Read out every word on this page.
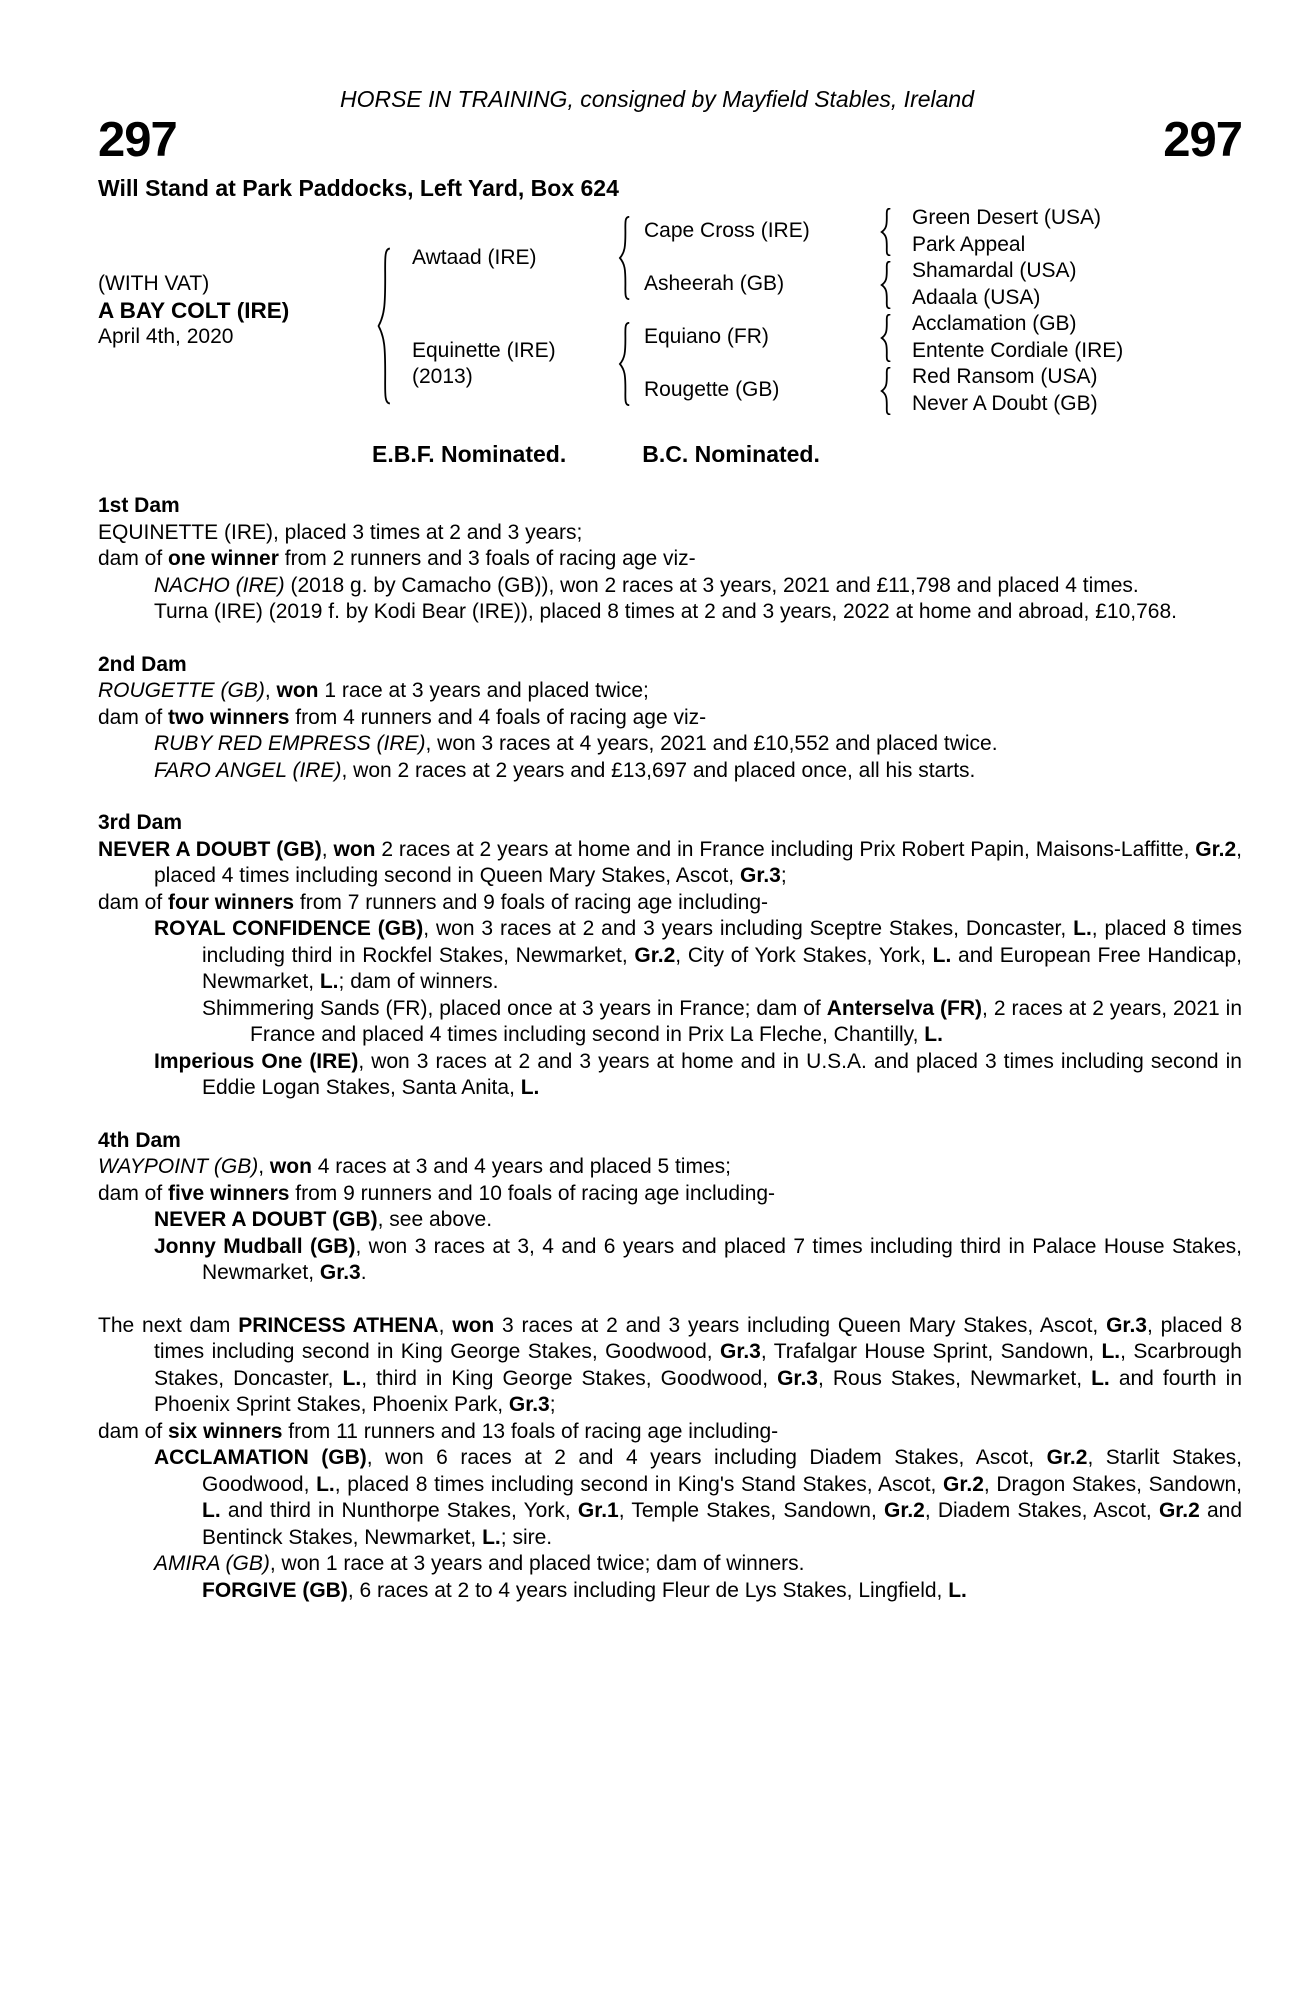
HORSE IN TRAINING, consigned by Mayfield Stables, Ireland
297	297
Will Stand at Park Paddocks, Left Yard, Box 624
(WITH VAT)
A BAY COLT (IRE)
April 4th, 2020
Awtaad (IRE)
Equinette (IRE)
(2013)
Cape Cross (IRE)
Asheerah (GB)
Equiano (FR)
Rougette (GB)
Green Desert (USA)
Park Appeal
Shamardal (USA)
Adaala (USA)
Acclamation (GB)
Entente Cordiale (IRE)
Red Ransom (USA)
Never A Doubt (GB)
E.B.F. Nominated.	B.C. Nominated.
1st Dam

EQUINETTE (IRE), placed 3 times at 2 and 3 years;

dam of one winner from 2 runners and 3 foals of racing age viz-

NACHO (IRE) (2018 g. by Camacho (GB)), won 2 races at 3 years, 2021 and £11,798 and placed 4 times.

Turna (IRE) (2019 f. by Kodi Bear (IRE)), placed 8 times at 2 and 3 years, 2022 at home and abroad, £10,768.

2nd Dam

ROUGETTE (GB), won 1 race at 3 years and placed twice;

dam of two winners from 4 runners and 4 foals of racing age viz-

RUBY RED EMPRESS (IRE), won 3 races at 4 years, 2021 and £10,552 and placed twice.

FARO ANGEL (IRE), won 2 races at 2 years and £13,697 and placed once, all his starts.

3rd Dam

NEVER A DOUBT (GB), won 2 races at 2 years at home and in France including Prix Robert Papin, Maisons-Laffitte, Gr.2, placed 4 times including second in Queen Mary Stakes, Ascot, Gr.3;

dam of four winners from 7 runners and 9 foals of racing age including-

ROYAL CONFIDENCE (GB), won 3 races at 2 and 3 years including Sceptre Stakes, Doncaster, L., placed 8 times including third in Rockfel Stakes, Newmarket, Gr.2, City of York Stakes, York, L. and European Free Handicap, Newmarket, L.; dam of winners.

Shimmering Sands (FR), placed once at 3 years in France; dam of Anterselva (FR), 2 races at 2 years, 2021 in France and placed 4 times including second in Prix La Fleche, Chantilly, L.

Imperious One (IRE), won 3 races at 2 and 3 years at home and in U.S.A. and placed 3 times including second in Eddie Logan Stakes, Santa Anita, L.

4th Dam

WAYPOINT (GB), won 4 races at 3 and 4 years and placed 5 times;

dam of five winners from 9 runners and 10 foals of racing age including-

NEVER A DOUBT (GB), see above.

Jonny Mudball (GB), won 3 races at 3, 4 and 6 years and placed 7 times including third in Palace House Stakes, Newmarket, Gr.3.

The next dam PRINCESS ATHENA, won 3 races at 2 and 3 years including Queen Mary Stakes, Ascot, Gr.3, placed 8 times including second in King George Stakes, Goodwood, Gr.3, Trafalgar House Sprint, Sandown, L., Scarbrough Stakes, Doncaster, L., third in King George Stakes, Goodwood, Gr.3, Rous Stakes, Newmarket, L. and fourth in Phoenix Sprint Stakes, Phoenix Park, Gr.3;

dam of six winners from 11 runners and 13 foals of racing age including-

ACCLAMATION (GB), won 6 races at 2 and 4 years including Diadem Stakes, Ascot, Gr.2, Starlit Stakes, Goodwood, L., placed 8 times including second in King's Stand Stakes, Ascot, Gr.2, Dragon Stakes, Sandown, L. and third in Nunthorpe Stakes, York, Gr.1, Temple Stakes, Sandown, Gr.2, Diadem Stakes, Ascot, Gr.2 and Bentinck Stakes, Newmarket, L.; sire.

AMIRA (GB), won 1 race at 3 years and placed twice; dam of winners.

FORGIVE (GB), 6 races at 2 to 4 years including Fleur de Lys Stakes, Lingfield, L.
